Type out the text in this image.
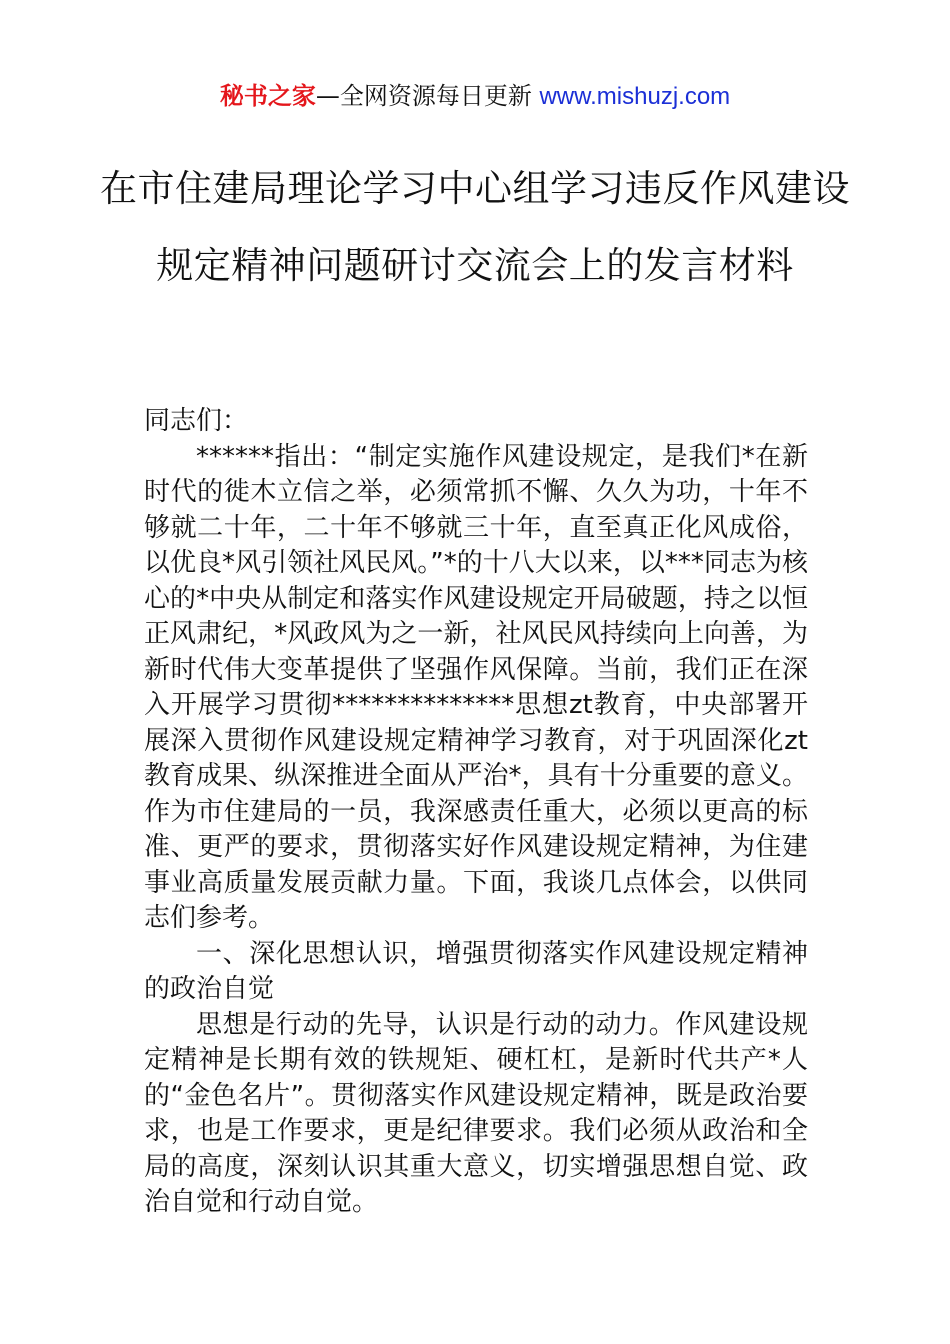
秘书之家—全网资源每日更新 www.mishuzj.com
在市住建局理论学习中心组学习违反作风建设规定精神问题研讨交流会上的发言材料

同志们：

******指出：“制定实施作风建设规定，是我们*在新时代的徙木立信之举，必须常抓不懈、久久为功，十年不够就二十年，二十年不够就三十年，直至真正化风成俗，以优良*风引领社风民风。”*的十八大以来，以***同志为核心的*中央从制定和落实作风建设规定开局破题，持之以恒正风肃纪，*风政风为之一新，社风民风持续向上向善，为新时代伟大变革提供了坚强作风保障。当前，我们正在深入开展学习贯彻**************思想zt教育，中央部署开展深入贯彻作风建设规定精神学习教育，对于巩固深化zt教育成果、纵深推进全面从严治*，具有十分重要的意义。作为市住建局的一员，我深感责任重大，必须以更高的标准、更严的要求，贯彻落实好作风建设规定精神，为住建事业高质量发展贡献力量。下面，我谈几点体会，以供同志们参考。

一、深化思想认识，增强贯彻落实作风建设规定精神的政治自觉

思想是行动的先导，认识是行动的动力。作风建设规定精神是长期有效的铁规矩、硬杠杠，是新时代共产*人的“金色名片”。贯彻落实作风建设规定精神，既是政治要求，也是工作要求，更是纪律要求。我们必须从政治和全局的高度，深刻认识其重大意义，切实增强思想自觉、政治自觉和行动自觉。
